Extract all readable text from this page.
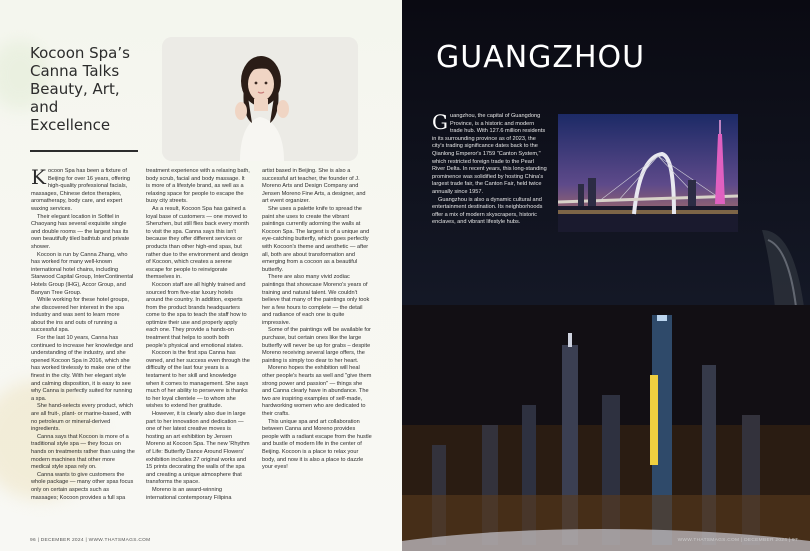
Kocoon Spa’s Canna Talks Beauty, Art, and Excellence

Kocoon Spa has been a fixture of Beijing for over 16 years, offering high-quality professional facials, massages, Chinese detox therapies, aromatherapy, body care, and expert waxing services.

Their elegant location in Sofitel in Chaoyang has several exquisite single and double rooms — the largest has its own beautifully tiled bathtub and private shower.

Kocoon is run by Canna Zhang, who has worked for many well-known international hotel chains, including Starwood Capital Group, InterContinental Hotels Group (IHG), Accor Group, and Banyan Tree Group.

While working for these hotel groups, she discovered her interest in the spa industry and was sent to learn more about the ins and outs of running a successful spa.

For the last 10 years, Canna has continued to increase her knowledge and understanding of the industry, and she opened Kocoon Spa in 2016, which she has worked tirelessly to make one of the finest in the city. With her elegant style and calming disposition, it is easy to see why Canna is perfectly suited for running a spa.

She hand-selects every product, which are all fruit-, plant- or marine-based, with no petroleum or mineral-derived ingredients.

Canna says that Kocoon is more of a traditional style spa — they focus on hands on treatments rather than using the modern machines that other more medical style spas rely on.

Canna wants to give customers the whole package — many other spas focus only on certain aspects such as massages; Kocoon provides a full spa

treatment experience with a relaxing bath, body scrub, facial and body massage. It is more of a lifestyle brand, as well as a relaxing space for people to escape the busy city streets.

As a result, Kocoon Spa has gained a loyal base of customers — one moved to Shenzhen, but still flies back every month to visit the spa. Canna says this isn't because they offer different services or products than other high-end spas, but rather due to the environment and design of Kocoon, which creates a serene escape for people to reinvigorate themselves in.

Kocoon staff are all highly trained and sourced from five-star luxury hotels around the country. In addition, experts from the product brands headquarters come to the spa to teach the staff how to optimize their use and properly apply each one. They provide a hands-on treatment that helps to sooth both people's physical and emotional states.

Kocoon is the first spa Canna has owned, and her success even through the difficulty of the last four years is a testament to her skill and knowledge when it comes to management. She says much of her ability to persevere is thanks to her loyal clientele — to whom she wishes to extend her gratitude.

However, it is clearly also due in large part to her innovation and dedication — one of her latest creative moves is hosting an art exhibition by Jensen Moreno at Kocoon Spa. The new 'Rhythm of Life: Butterfly Dance Around Flowers' exhibition includes 27 original works and 15 prints decorating the walls of the spa and creating a unique atmosphere that transforms the space.

Moreno is an award-winning international contemporary Filipina

artist based in Beijing. She is also a successful art teacher, the founder of J. Moreno Arts and Design Company and Jensen Moreno Fine Arts, a designer, and art event organizer.

She uses a palette knife to spread the paint she uses to create the vibrant paintings currently adorning the walls at Kocoon Spa. The largest is of a unique and eye-catching butterfly, which goes perfectly with Kocoon's theme and aesthetic — after all, both are about transformation and emerging from a cocoon as a beautiful butterfly.

There are also many vivid zodiac paintings that showcase Moreno's years of training and natural talent. We couldn't believe that many of the paintings only took her a few hours to complete — the detail and radiance of each one is quite impressive.

Some of the paintings will be available for purchase, but certain ones like the large butterfly will never be up for grabs – despite Moreno receiving several large offers, the painting is simply too dear to her heart.

Moreno hopes the exhibition will heal other people's hearts as well and "give them strong power and passion" — things she and Canna clearly have in abundance. The two are inspiring examples of self-made, hardworking women who are dedicated to their crafts.

This unique spa and art collaboration between Canna and Moreno provides people with a radiant escape from the hustle and bustle of modern life in the center of Beijing. Kocoon is a place to relax your body, and now it is also a place to dazzle your eyes!

96 | DECEMBER 2024 | WWW.THATSMAGS.COM
GUANGZHOU

Guangzhou, the capital of Guangdong Province, is a historic and modern trade hub. With 127.6 million residents in its surrounding province as of 2023, the city's trading significance dates back to the Qianlong Emperor's 1759 "Canton System," which restricted foreign trade to the Pearl River Delta. In recent years, this long-standing prominence was solidified by hosting China's largest trade fair, the Canton Fair, held twice annually since 1957.

Guangzhou is also a dynamic cultural and entertainment destination. Its neighborhoods offer a mix of modern skyscrapers, historic enclaves, and vibrant lifestyle hubs.

WWW.THATSMAGS.COM | DECEMBER 2024 | 97
